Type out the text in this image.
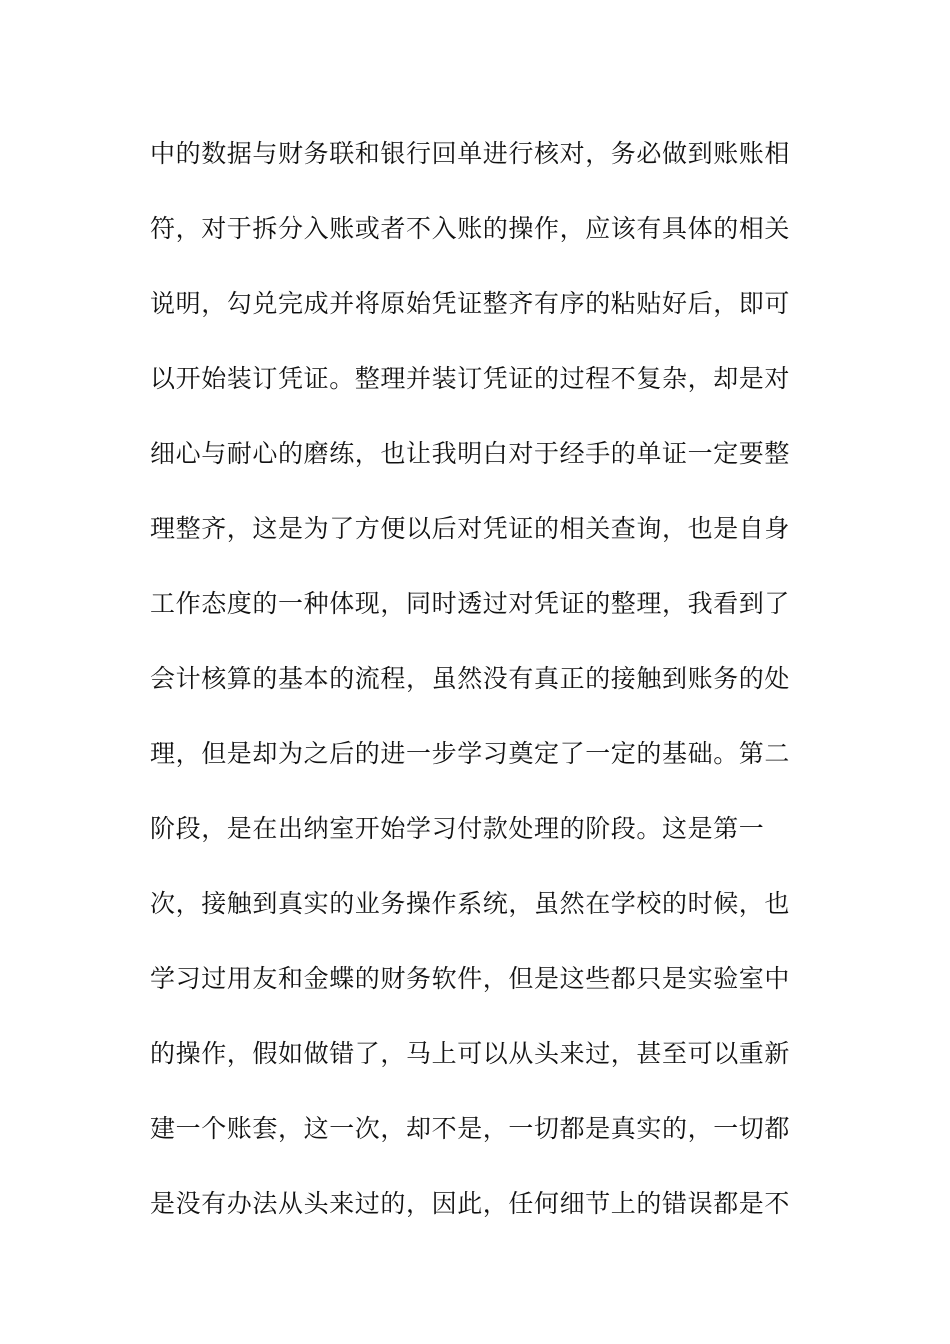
中的数据与财务联和银行回单进行核对，务必做到账账相
符，对于拆分入账或者不入账的操作，应该有具体的相关
说明，勾兑完成并将原始凭证整齐有序的粘贴好后，即可
以开始装订凭证。整理并装订凭证的过程不复杂，却是对
细心与耐心的磨练，也让我明白对于经手的单证一定要整
理整齐，这是为了方便以后对凭证的相关查询，也是自身
工作态度的一种体现，同时透过对凭证的整理，我看到了
会计核算的基本的流程，虽然没有真正的接触到账务的处
理，但是却为之后的进一步学习奠定了一定的基础。第二
阶段，是在出纳室开始学习付款处理的阶段。这是第一
次，接触到真实的业务操作系统，虽然在学校的时候，也
学习过用友和金蝶的财务软件，但是这些都只是实验室中
的操作，假如做错了，马上可以从头来过，甚至可以重新
建一个账套，这一次，却不是，一切都是真实的，一切都
是没有办法从头来过的，因此，任何细节上的错误都是不
